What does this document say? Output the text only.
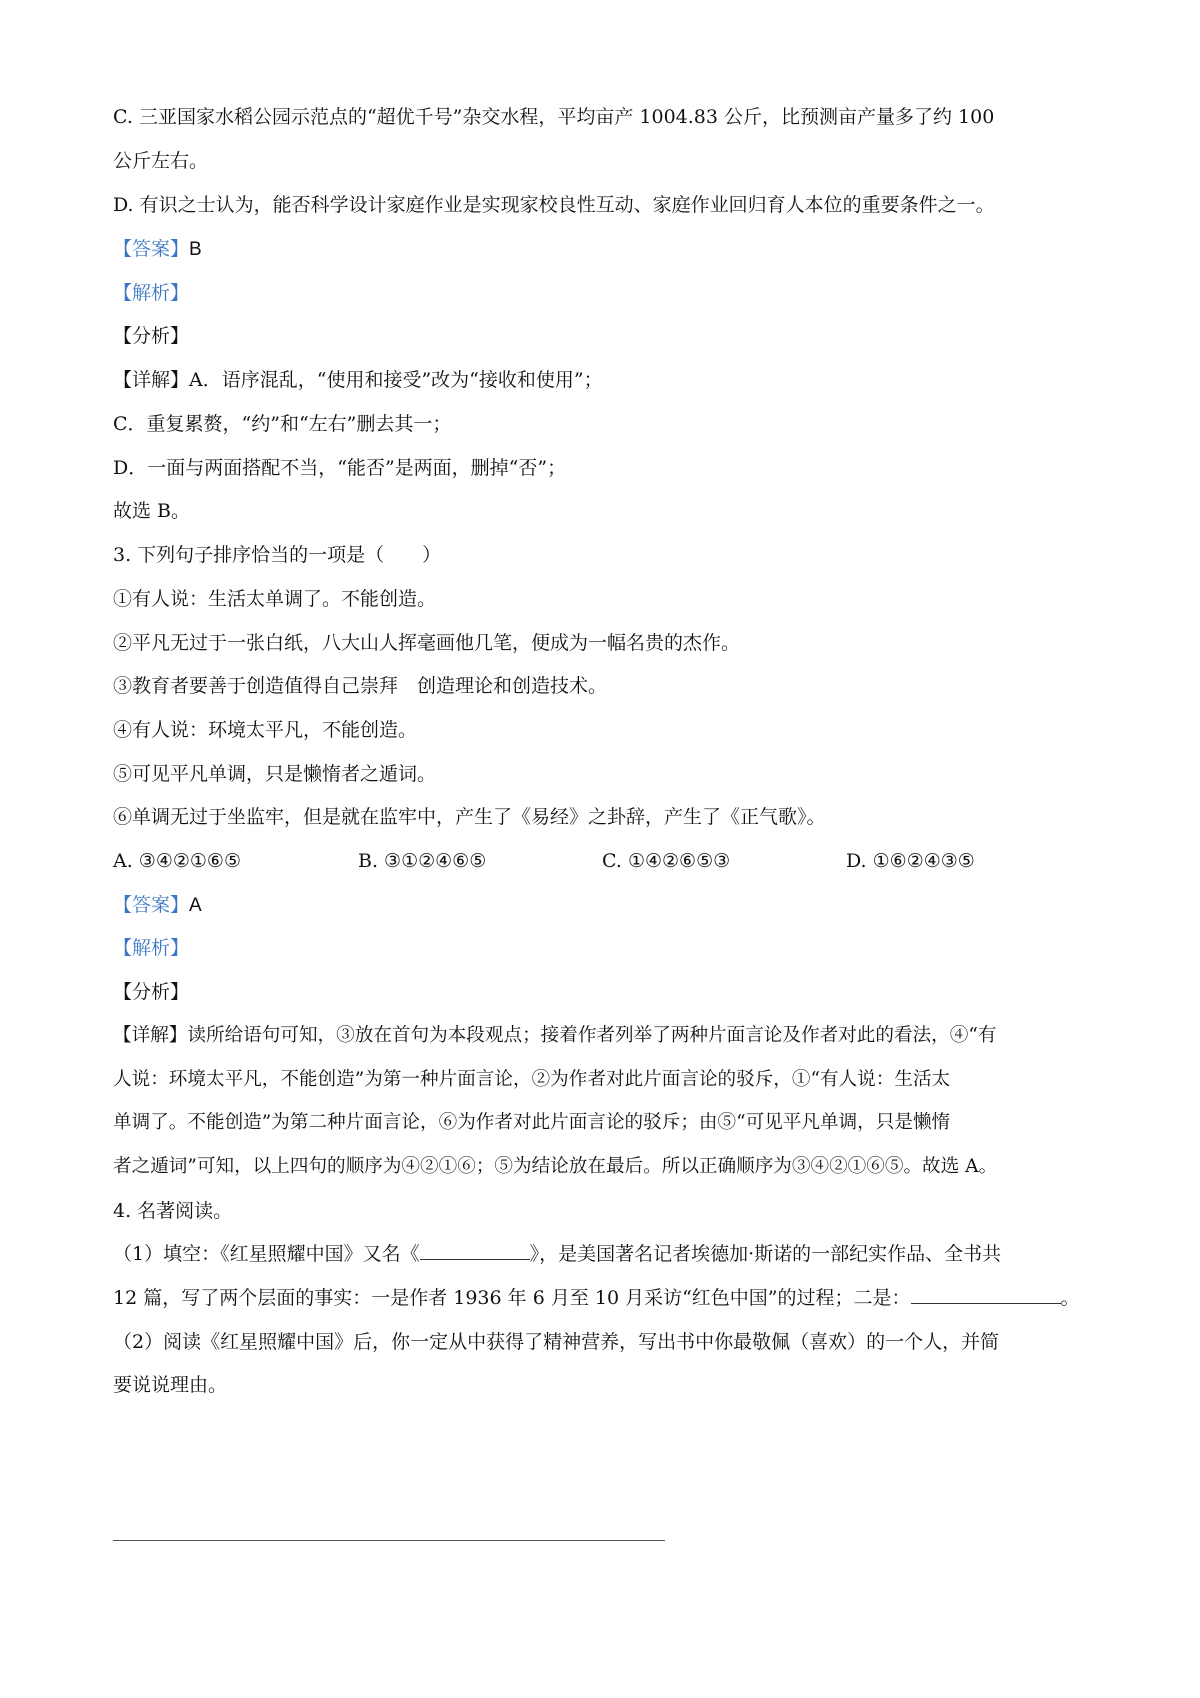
C. 三亚国家水稻公园示范点的“超优千号”杂交水程，平均亩产 1004.83 公斤，比预测亩产量多了约 100
公斤左右。
D. 有识之士认为，能否科学设计家庭作业是实现家校良性互动、家庭作业回归育人本位的重要条件之一。
【答案】B
【解析】
【分析】
【详解】A．语序混乱，“使用和接受”改为“接收和使用”；
C．重复累赘，“约”和“左右”删去其一；
D．一面与两面搭配不当，“能否”是两面，删掉“否”；
故选 B。
3. 下列句子排序恰当的一项是（　　）
①有人说：生活太单调了。不能创造。
②平凡无过于一张白纸，八大山人挥毫画他几笔，便成为一幅名贵的杰作。
③教育者要善于创造值得自己崇拜　创造理论和创造技术。
④有人说：环境太平凡，不能创造。
⑤可见平凡单调，只是懒惰者之遁词。
⑥单调无过于坐监牢，但是就在监牢中，产生了《易经》之卦辞，产生了《正气歌》。
A. ③④②①⑥⑤	B. ③①②④⑥⑤	C. ①④②⑥⑤③	D. ①⑥②④③⑤
【答案】A
【解析】
【分析】
【详解】读所给语句可知，③放在首句为本段观点；接着作者列举了两种片面言论及作者对此的看法，④“有
人说：环境太平凡，不能创造”为第一种片面言论，②为作者对此片面言论的驳斥，①“有人说：生活太
单调了。不能创造”为第二种片面言论，⑥为作者对此片面言论的驳斥；由⑤“可见平凡单调，只是懒惰
者之遁词”可知，以上四句的顺序为④②①⑥；⑤为结论放在最后。所以正确顺序为③④②①⑥⑤。故选 A。
4. 名著阅读。
（1）填空：《红星照耀中国》又名《	》，是美国著名记者埃德加·斯诺的一部纪实作品、全书共
12 篇，写了两个层面的事实：一是作者 1936 年 6 月至 10 月采访“红色中国”的过程；二是：	。
（2）阅读《红星照耀中国》后，你一定从中获得了精神营养，写出书中你最敬佩（喜欢）的一个人，并简
要说说理由。
